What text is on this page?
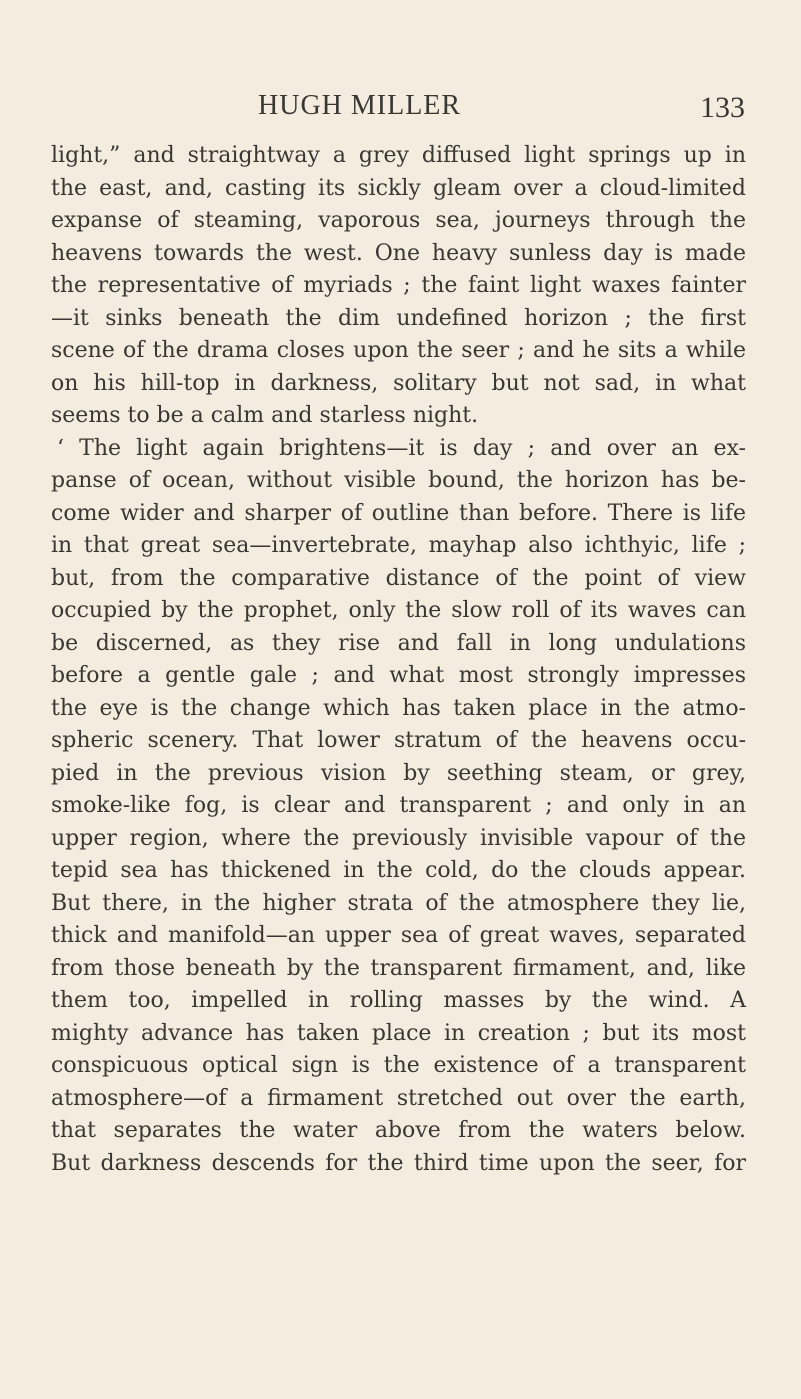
HUGH MILLER	133
light,” and straightway a grey diffused light springs up in
the east, and, casting its sickly gleam over a cloud-limited
expanse of steaming, vaporous sea, journeys through the
heavens towards the west. One heavy sunless day is made
the representative of myriads ; the faint light waxes fainter
—it sinks beneath the dim undefined horizon ; the first
scene of the drama closes upon the seer ; and he sits a while
on his hill-top in darkness, solitary but not sad, in what
seems to be a calm and starless night.
‘ The light again brightens—it is day ; and over an ex-
panse of ocean, without visible bound, the horizon has be-
come wider and sharper of outline than before. There is life
in that great sea—invertebrate, mayhap also ichthyic, life ;
but, from the comparative distance of the point of view
occupied by the prophet, only the slow roll of its waves can
be discerned, as they rise and fall in long undulations
before a gentle gale ; and what most strongly impresses
the eye is the change which has taken place in the atmo-
spheric scenery. That lower stratum of the heavens occu-
pied in the previous vision by seething steam, or grey,
smoke-like fog, is clear and transparent ; and only in an
upper region, where the previously invisible vapour of the
tepid sea has thickened in the cold, do the clouds appear.
But there, in the higher strata of the atmosphere they lie,
thick and manifold—an upper sea of great waves, separated
from those beneath by the transparent firmament, and, like
them too, impelled in rolling masses by the wind. A
mighty advance has taken place in creation ; but its most
conspicuous optical sign is the existence of a transparent
atmosphere—of a firmament stretched out over the earth,
that separates the water above from the waters below.
But darkness descends for the third time upon the seer, for
